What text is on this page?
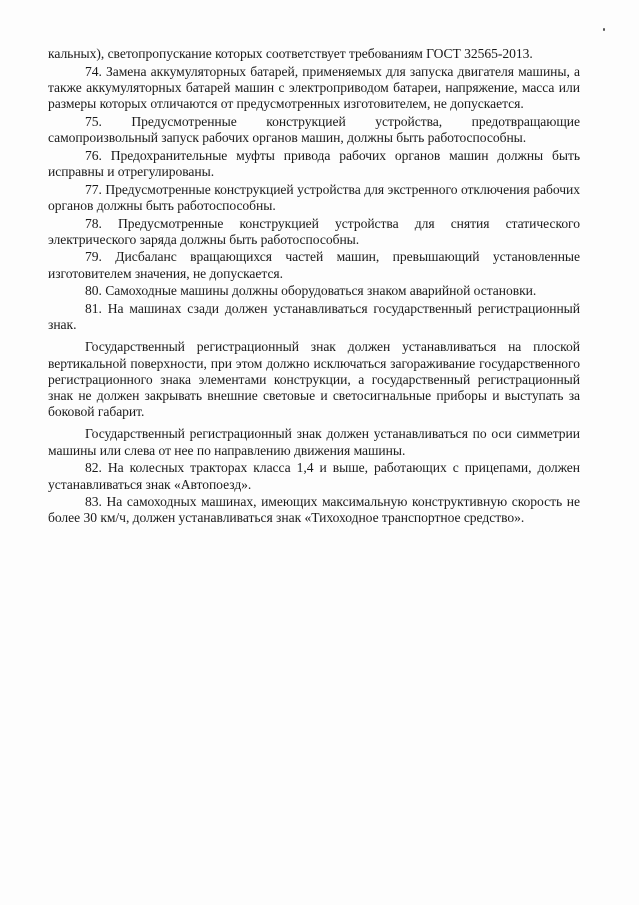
кальных), светопропускание которых соответствует требованиям ГОСТ 32565-2013.

74. Замена аккумуляторных батарей, применяемых для запуска двигателя машины, а также аккумуляторных батарей машин с электроприводом батареи, напряжение, масса или размеры которых отличаются от предусмотренных изготовителем, не допускается.

75. Предусмотренные конструкцией устройства, предотвращающие самопроизвольный запуск рабочих органов машин, должны быть работоспособны.

76. Предохранительные муфты привода рабочих органов машин должны быть исправны и отрегулированы.

77. Предусмотренные конструкцией устройства для экстренного отключения рабочих органов должны быть работоспособны.

78. Предусмотренные конструкцией устройства для снятия статического электрического заряда должны быть работоспособны.

79. Дисбаланс вращающихся частей машин, превышающий установленные изготовителем значения, не допускается.

80. Самоходные машины должны оборудоваться знаком аварийной остановки.

81. На машинах сзади должен устанавливаться государственный регистрационный знак.

Государственный регистрационный знак должен устанавливаться на плоской вертикальной поверхности, при этом должно исключаться загораживание государственного регистрационного знака элементами конструкции, а государственный регистрационный знак не должен закрывать внешние световые и светосигнальные приборы и выступать за боковой габарит.

Государственный регистрационный знак должен устанавливаться по оси симметрии машины или слева от нее по направлению движения машины.

82. На колесных тракторах класса 1,4 и выше, работающих с прицепами, должен устанавливаться знак «Автопоезд».

83. На самоходных машинах, имеющих максимальную конструктивную скорость не более 30 км/ч, должен устанавливаться знак «Тихоходное транспортное средство».
